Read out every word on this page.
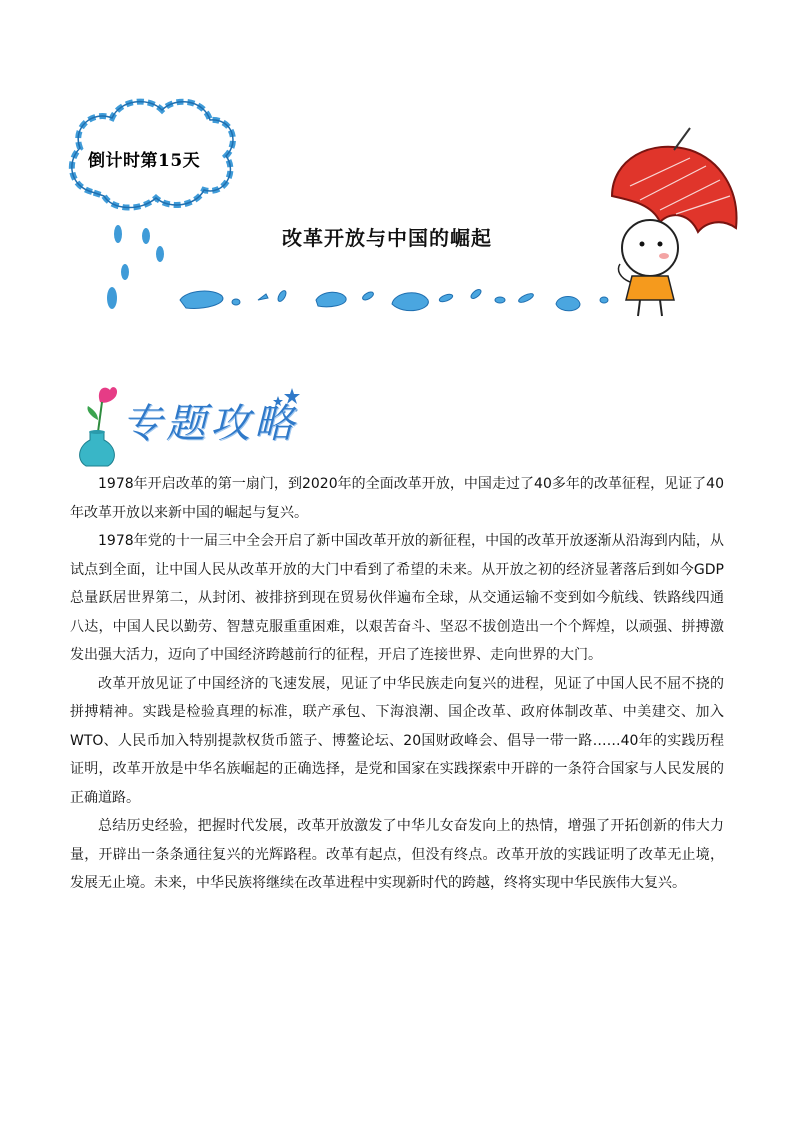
倒计时第15天
改革开放与中国的崛起
专题攻略

1978年开启改革的第一扇门，到2020年的全面改革开放，中国走过了40多年的改革征程，见证了40年改革开放以来新中国的崛起与复兴。

1978年党的十一届三中全会开启了新中国改革开放的新征程，中国的改革开放逐渐从沿海到内陆，从试点到全面，让中国人民从改革开放的大门中看到了希望的未来。从开放之初的经济显著落后到如今GDP总量跃居世界第二，从封闭、被排挤到现在贸易伙伴遍布全球，从交通运输不变到如今航线、铁路线四通八达，中国人民以勤劳、智慧克服重重困难，以艰苦奋斗、坚忍不拔创造出一个个辉煌，以顽强、拼搏激发出强大活力，迈向了中国经济跨越前行的征程，开启了连接世界、走向世界的大门。

改革开放见证了中国经济的飞速发展，见证了中华民族走向复兴的进程，见证了中国人民不屈不挠的拼搏精神。实践是检验真理的标准，联产承包、下海浪潮、国企改革、政府体制改革、中美建交、加入WTO、人民币加入特别提款权货币篮子、博鳌论坛、20国财政峰会、倡导一带一路……40年的实践历程证明，改革开放是中华名族崛起的正确选择，是党和国家在实践探索中开辟的一条符合国家与人民发展的正确道路。

总结历史经验，把握时代发展，改革开放激发了中华儿女奋发向上的热情，增强了开拓创新的伟大力量，开辟出一条条通往复兴的光辉路程。改革有起点，但没有终点。改革开放的实践证明了改革无止境，发展无止境。未来，中华民族将继续在改革进程中实现新时代的跨越，终将实现中华民族伟大复兴。
